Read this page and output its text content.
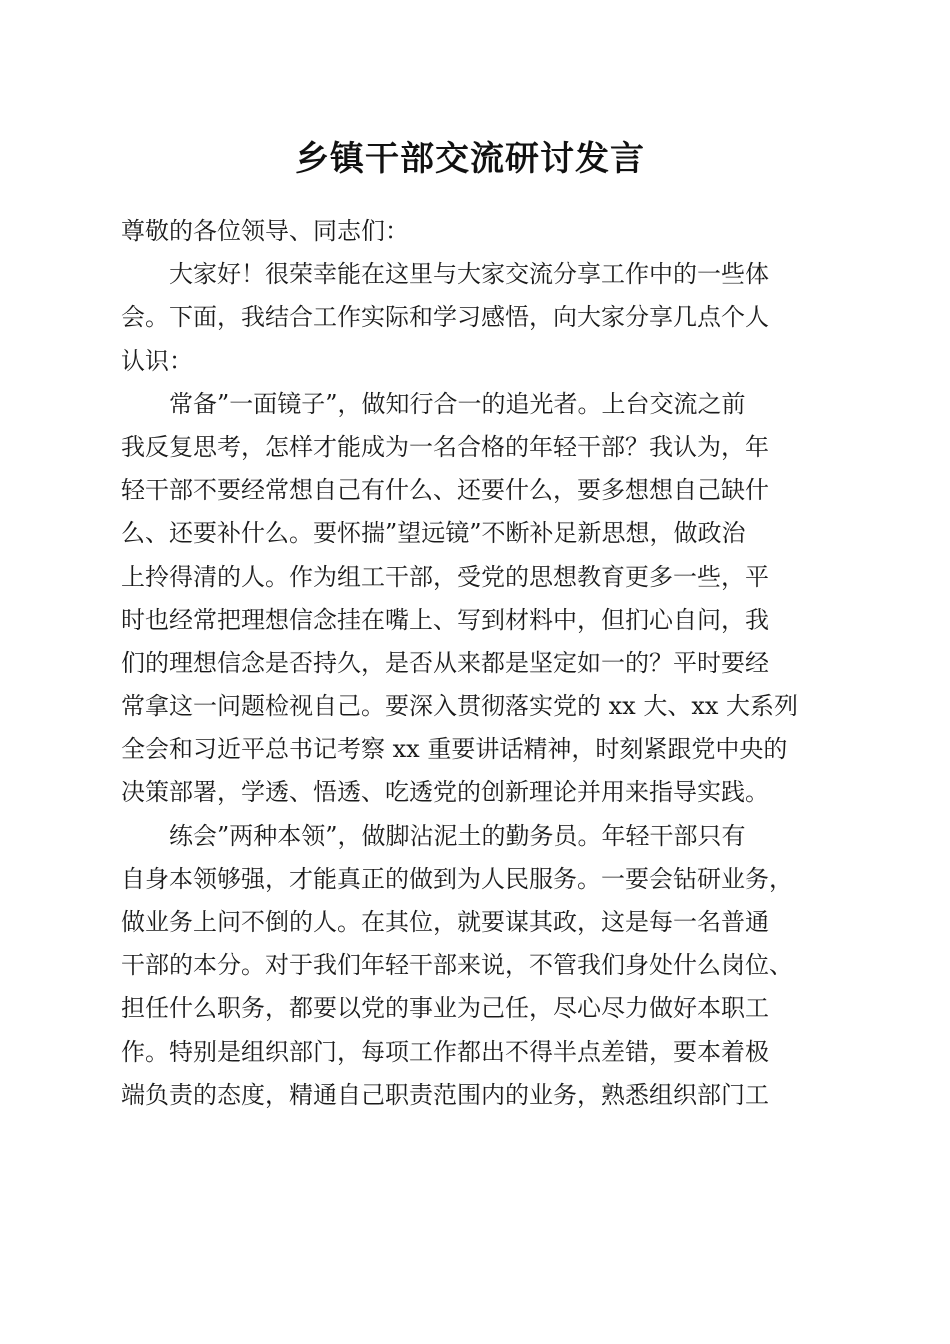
乡镇干部交流研讨发言
尊敬的各位领导、同志们：
大家好！很荣幸能在这里与大家交流分享工作中的一些体
会。下面，我结合工作实际和学习感悟，向大家分享几点个人
认识：
常备”一面镜子”，做知行合一的追光者。上台交流之前
我反复思考，怎样才能成为一名合格的年轻干部？我认为，年
轻干部不要经常想自己有什么、还要什么，要多想想自己缺什
么、还要补什么。要怀揣”望远镜”不断补足新思想，做政治
上拎得清的人。作为组工干部，受党的思想教育更多一些，平
时也经常把理想信念挂在嘴上、写到材料中，但扪心自问，我
们的理想信念是否持久，是否从来都是坚定如一的？平时要经
常拿这一问题检视自己。要深入贯彻落实党的 xx 大、xx 大系列
全会和习近平总书记考察 xx 重要讲话精神，时刻紧跟党中央的
决策部署，学透、悟透、吃透党的创新理论并用来指导实践。
练会”两种本领”，做脚沾泥土的勤务员。年轻干部只有
自身本领够强，才能真正的做到为人民服务。一要会钻研业务，
做业务上问不倒的人。在其位，就要谋其政，这是每一名普通
干部的本分。对于我们年轻干部来说，不管我们身处什么岗位、
担任什么职务，都要以党的事业为己任，尽心尽力做好本职工
作。特别是组织部门，每项工作都出不得半点差错，要本着极
端负责的态度，精通自己职责范围内的业务，熟悉组织部门工
